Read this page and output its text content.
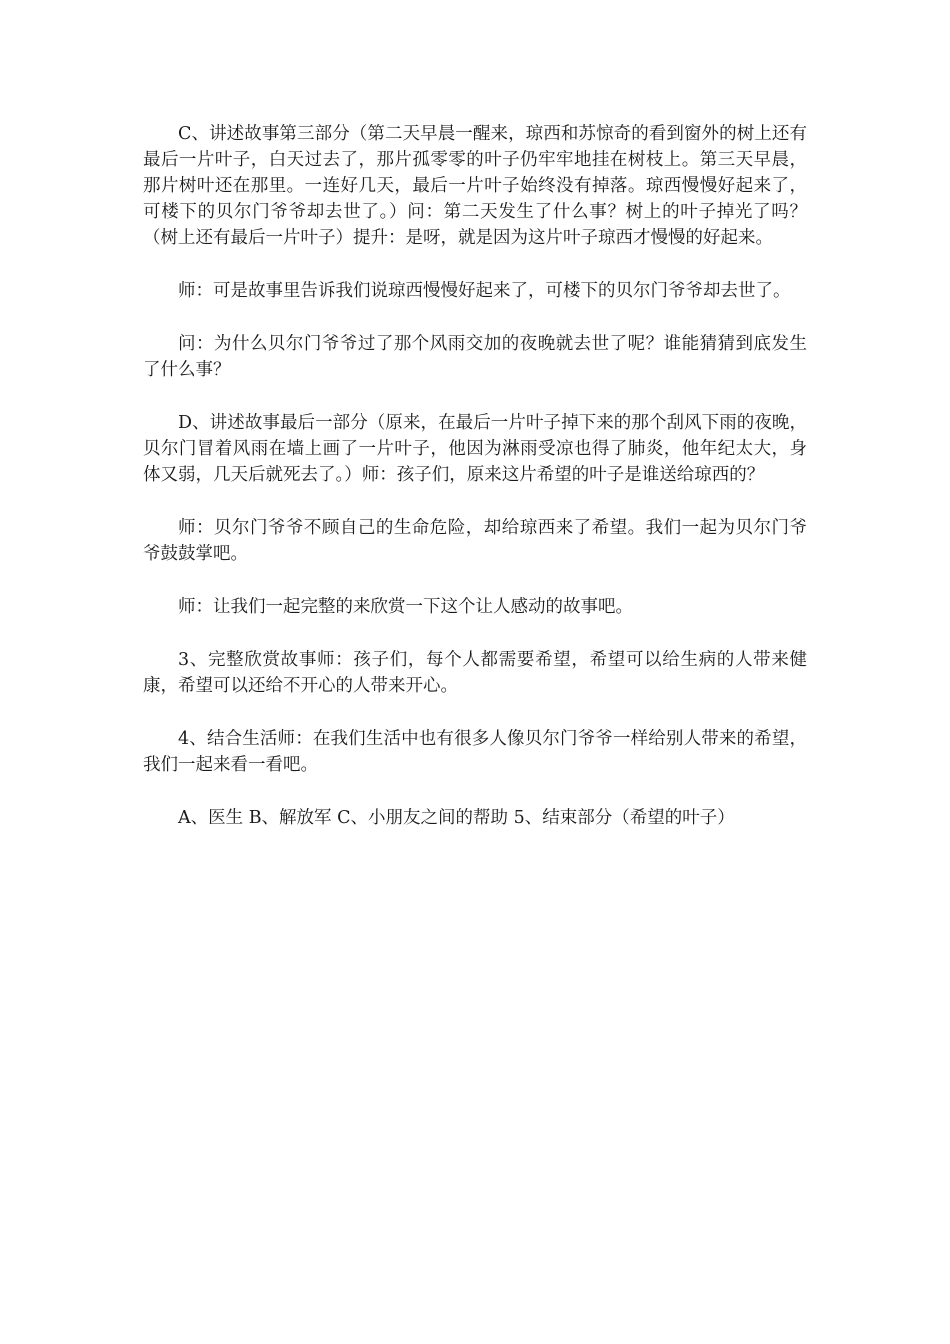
C、讲述故事第三部分（第二天早晨一醒来，琼西和苏惊奇的看到窗外的树上还有最后一片叶子，白天过去了，那片孤零零的叶子仍牢牢地挂在树枝上。第三天早晨，那片树叶还在那里。一连好几天，最后一片叶子始终没有掉落。琼西慢慢好起来了，可楼下的贝尔门爷爷却去世了。）问：第二天发生了什么事？树上的叶子掉光了吗？（树上还有最后一片叶子）提升：是呀，就是因为这片叶子琼西才慢慢的好起来。

师：可是故事里告诉我们说琼西慢慢好起来了，可楼下的贝尔门爷爷却去世了。

问：为什么贝尔门爷爷过了那个风雨交加的夜晚就去世了呢？谁能猜猜到底发生了什么事？

D、讲述故事最后一部分（原来，在最后一片叶子掉下来的那个刮风下雨的夜晚，贝尔门冒着风雨在墙上画了一片叶子，他因为淋雨受凉也得了肺炎，他年纪太大，身体又弱，几天后就死去了。）师：孩子们，原来这片希望的叶子是谁送给琼西的？

师：贝尔门爷爷不顾自己的生命危险，却给琼西来了希望。我们一起为贝尔门爷爷鼓鼓掌吧。

师：让我们一起完整的来欣赏一下这个让人感动的故事吧。

3、完整欣赏故事师：孩子们，每个人都需要希望，希望可以给生病的人带来健康，希望可以还给不开心的人带来开心。

4、结合生活师：在我们生活中也有很多人像贝尔门爷爷一样给别人带来的希望，我们一起来看一看吧。

A、医生 B、解放军 C、小朋友之间的帮助 5、结束部分（希望的叶子）
